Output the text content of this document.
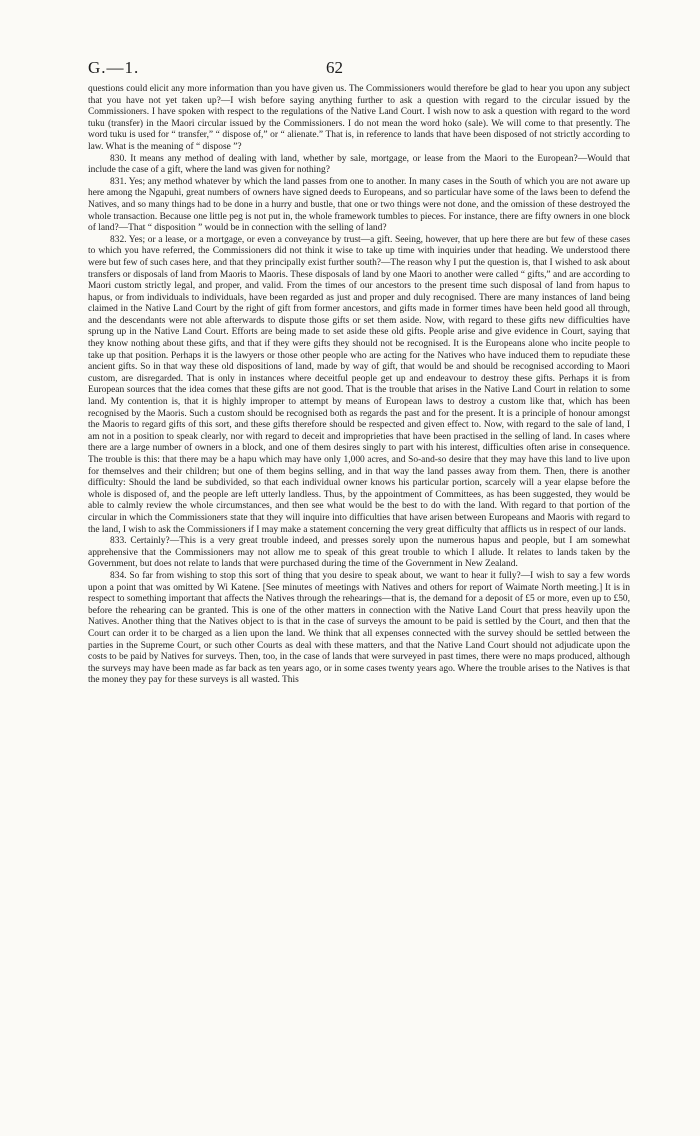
G.—1.	62

questions could elicit any more information than you have given us. The Commissioners would therefore be glad to hear you upon any subject that you have not yet taken up?—I wish before saying anything further to ask a question with regard to the circular issued by the Commissioners. I have spoken with respect to the regulations of the Native Land Court. I wish now to ask a question with regard to the word tuku (transfer) in the Maori circular issued by the Commissioners. I do not mean the word hoko (sale). We will come to that presently. The word tuku is used for “ transfer,” “ dispose of,” or “ alienate.” That is, in reference to lands that have been disposed of not strictly according to law. What is the meaning of “ dispose ”?

830. It means any method of dealing with land, whether by sale, mortgage, or lease from the Maori to the European?—Would that include the case of a gift, where the land was given for nothing?

831. Yes; any method whatever by which the land passes from one to another. In many cases in the South of which you are not aware up here among the Ngapuhi, great numbers of owners have signed deeds to Europeans, and so particular have some of the laws been to defend the Natives, and so many things had to be done in a hurry and bustle, that one or two things were not done, and the omission of these destroyed the whole transaction. Because one little peg is not put in, the whole framework tumbles to pieces. For instance, there are fifty owners in one block of land?—That “ disposition ” would be in connection with the selling of land?

832. Yes; or a lease, or a mortgage, or even a conveyance by trust—a gift. Seeing, however, that up here there are but few of these cases to which you have referred, the Commissioners did not think it wise to take up time with inquiries under that heading. We understood there were but few of such cases here, and that they principally exist further south?—The reason why I put the question is, that I wished to ask about transfers or disposals of land from Maoris to Maoris. These disposals of land by one Maori to another were called “ gifts,” and are according to Maori custom strictly legal, and proper, and valid. From the times of our ancestors to the present time such disposal of land from hapus to hapus, or from individuals to individuals, have been regarded as just and proper and duly recognised. There are many instances of land being claimed in the Native Land Court by the right of gift from former ancestors, and gifts made in former times have been held good all through, and the descendants were not able afterwards to dispute those gifts or set them aside. Now, with regard to these gifts new difficulties have sprung up in the Native Land Court. Efforts are being made to set aside these old gifts. People arise and give evidence in Court, saying that they know nothing about these gifts, and that if they were gifts they should not be recognised. It is the Europeans alone who incite people to take up that position. Perhaps it is the lawyers or those other people who are acting for the Natives who have induced them to repudiate these ancient gifts. So in that way these old dispositions of land, made by way of gift, that would be and should be recognised according to Maori custom, are disregarded. That is only in instances where deceitful people get up and endeavour to destroy these gifts. Perhaps it is from European sources that the idea comes that these gifts are not good. That is the trouble that arises in the Native Land Court in relation to some land. My contention is, that it is highly improper to attempt by means of European laws to destroy a custom like that, which has been recognised by the Maoris. Such a custom should be recognised both as regards the past and for the present. It is a principle of honour amongst the Maoris to regard gifts of this sort, and these gifts therefore should be respected and given effect to. Now, with regard to the sale of land, I am not in a position to speak clearly, nor with regard to deceit and improprieties that have been practised in the selling of land. In cases where there are a large number of owners in a block, and one of them desires singly to part with his interest, difficulties often arise in consequence. The trouble is this: that there may be a hapu which may have only 1,000 acres, and So-and-so desire that they may have this land to live upon for themselves and their children; but one of them begins selling, and in that way the land passes away from them. Then, there is another difficulty: Should the land be subdivided, so that each individual owner knows his particular portion, scarcely will a year elapse before the whole is disposed of, and the people are left utterly landless. Thus, by the appointment of Committees, as has been suggested, they would be able to calmly review the whole circumstances, and then see what would be the best to do with the land. With regard to that portion of the circular in which the Commissioners state that they will inquire into difficulties that have arisen between Europeans and Maoris with regard to the land, I wish to ask the Commissioners if I may make a statement concerning the very great difficulty that afflicts us in respect of our lands.

833. Certainly?—This is a very great trouble indeed, and presses sorely upon the numerous hapus and people, but I am somewhat apprehensive that the Commissioners may not allow me to speak of this great trouble to which I allude. It relates to lands taken by the Government, but does not relate to lands that were purchased during the time of the Government in New Zealand.

834. So far from wishing to stop this sort of thing that you desire to speak about, we want to hear it fully?—I wish to say a few words upon a point that was omitted by Wi Katene. [See minutes of meetings with Natives and others for report of Waimate North meeting.] It is in respect to something important that affects the Natives through the rehearings—that is, the demand for a deposit of £5 or more, even up to £50, before the rehearing can be granted. This is one of the other matters in connection with the Native Land Court that press heavily upon the Natives. Another thing that the Natives object to is that in the case of surveys the amount to be paid is settled by the Court, and then that the Court can order it to be charged as a lien upon the land. We think that all expenses connected with the survey should be settled between the parties in the Supreme Court, or such other Courts as deal with these matters, and that the Native Land Court should not adjudicate upon the costs to be paid by Natives for surveys. Then, too, in the case of lands that were surveyed in past times, there were no maps produced, although the surveys may have been made as far back as ten years ago, or in some cases twenty years ago. Where the trouble arises to the Natives is that the money they pay for these surveys is all wasted. This
